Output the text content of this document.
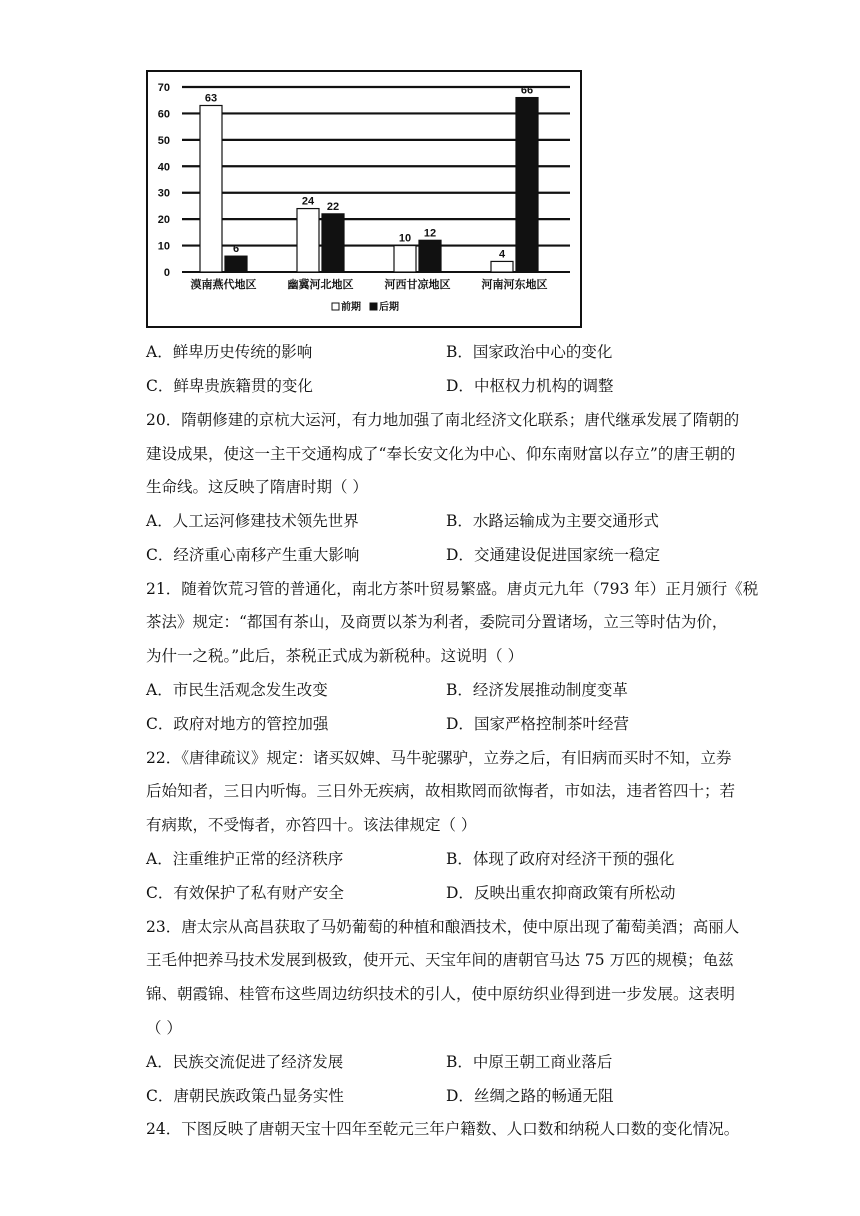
0
10
20
30
40
50
60
70
63
6
漠南燕代地区
24 22
幽冀河北地区
10 12
河西甘凉地区
4
66
河南河东地区
前期 后期
A．鲜卑历史传统的影响	B．国家政治中心的变化
C．鲜卑贵族籍贯的变化	D．中枢权力机构的调整
20．隋朝修建的京杭大运河，有力地加强了南北经济文化联系；唐代继承发展了隋朝的
建设成果，使这一主干交通构成了“奉长安文化为中心、仰东南财富以存立”的唐王朝的
生命线。这反映了隋唐时期（ ）
A．人工运河修建技术领先世界	B．水路运输成为主要交通形式
C．经济重心南移产生重大影响	D．交通建设促进国家统一稳定
21．随着饮荒习管的普通化，南北方茶叶贸易繁盛。唐贞元九年（793 年）正月颁行《税
茶法》规定：“都国有茶山，及商贾以茶为利者，委院司分置诸场，立三等时估为价，
为什一之税。”此后，茶税正式成为新税种。这说明（ ）
A．市民生活观念发生改变	B．经济发展推动制度变革
C．政府对地方的管控加强	D．国家严格控制茶叶经营
22．《唐律疏议》规定：诸买奴婢、马牛驼骡驴，立券之后，有旧病而买时不知，立券
后始知者，三日内听悔。三日外无疾病，故相欺罔而欲悔者，市如法，违者笞四十；若
有病欺，不受悔者，亦笞四十。该法律规定（ ）
A．注重维护正常的经济秩序	B．体现了政府对经济干预的强化
C．有效保护了私有财产安全	D．反映出重农抑商政策有所松动
23．唐太宗从高昌获取了马奶葡萄的种植和酿酒技术，使中原出现了葡萄美酒；高丽人
王毛仲把养马技术发展到极致，使开元、天宝年间的唐朝官马达 75 万匹的规模；龟兹
锦、朝霞锦、桂管布这些周边纺织技术的引人，使中原纺织业得到进一步发展。这表明
（ ）
A．民族交流促进了经济发展	B．中原王朝工商业落后
C．唐朝民族政策凸显务实性	D．丝绸之路的畅通无阻
24．下图反映了唐朝天宝十四年至乾元三年户籍数、人口数和纳税人口数的变化情况。
